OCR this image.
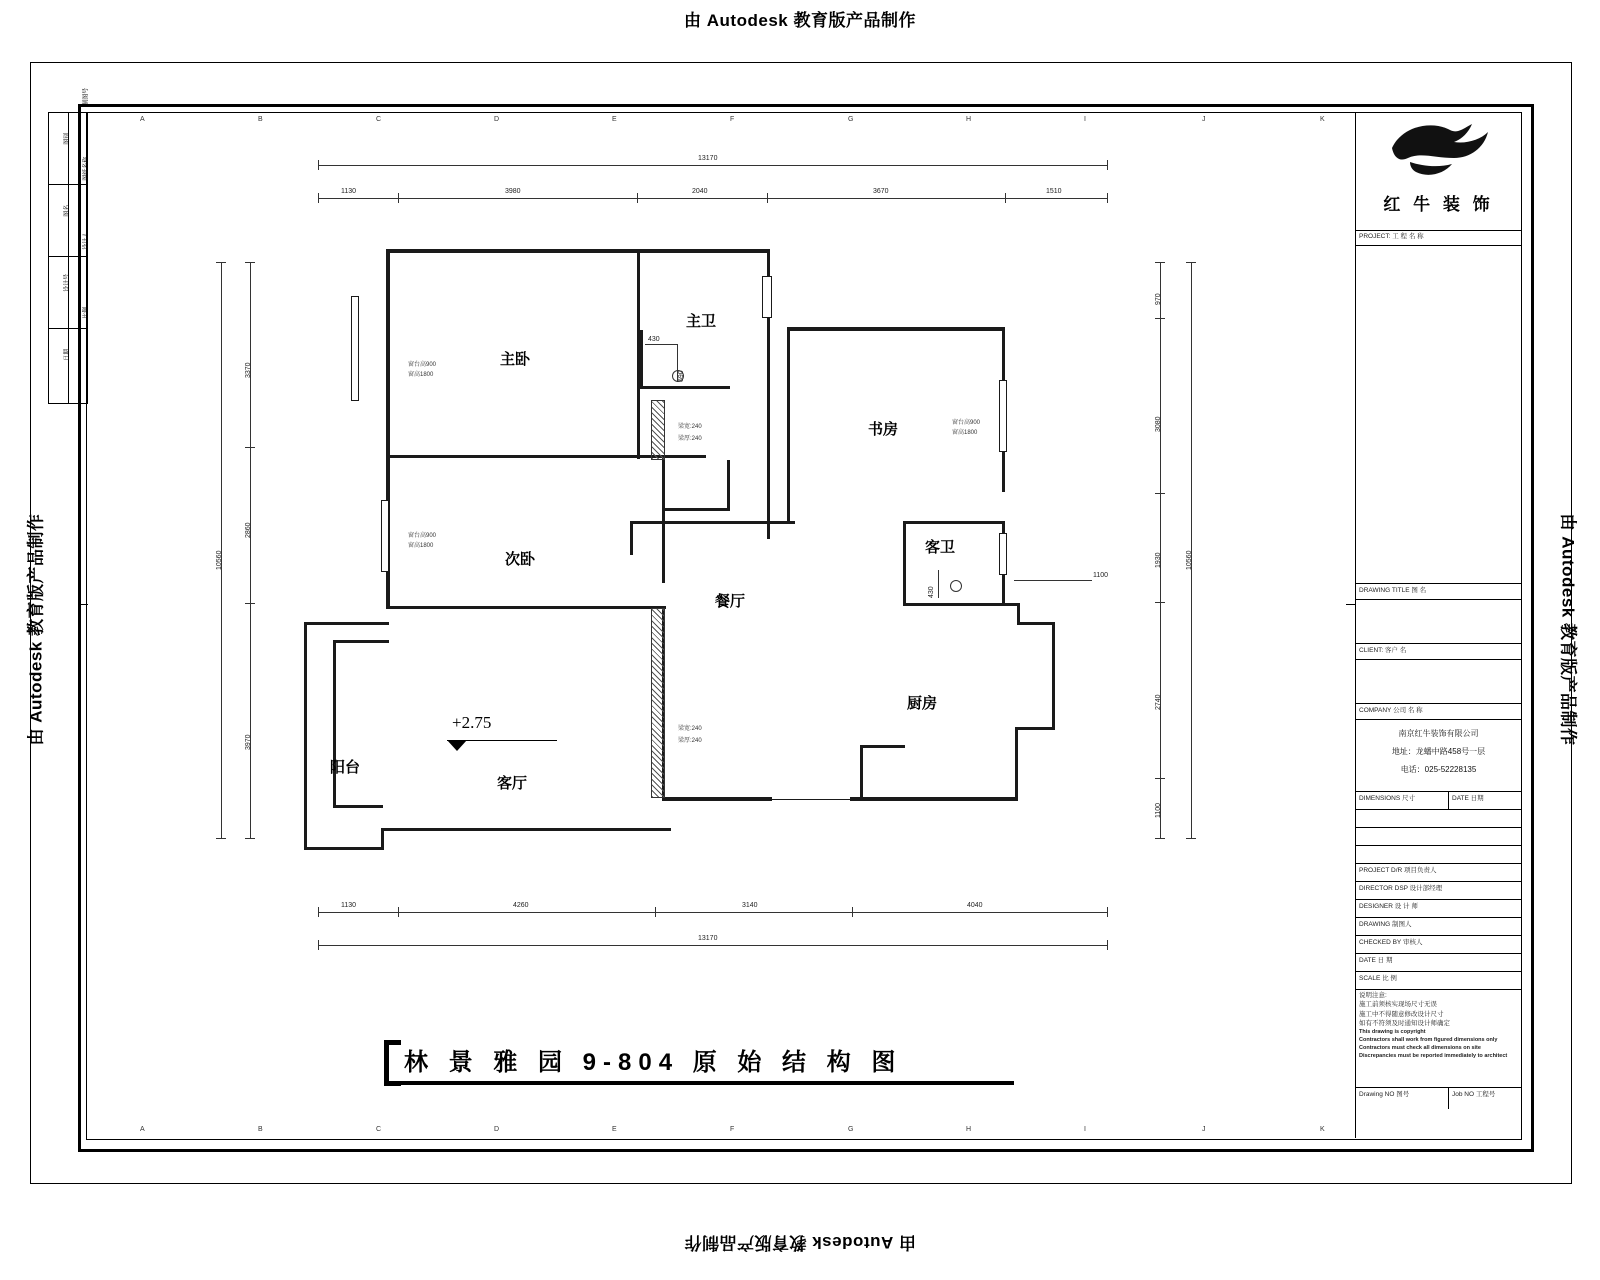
由 Autodesk 教育版产品制作
由 Autodesk 教育版产品制作
由 Autodesk 教育版产品制作	由 Autodesk 教育版产品制作
图别
制图号
图名
图纸名称
设计号
设计人
日期
比例
A	B	C	D	E	F	G	H	I	J	K
A	B	C	D	E	F	G	H	I	J	K
13170
1130	3980	2040	3670	1510
1130	4260	3140	4040
13170
10560
3370
2860
3970
970
3080
1930
2740
1100
10560
梁宽:240
梁厚:240
梁宽:240
梁厚:240
窗台高900
窗高1800
窗台高900
窗高1800
窗台高900
窗高1800
430
690
1100
430
主卧
主卫
次卧
书房
客卫
餐厅
厨房
客厅
阳台
+2.75
林 景 雅 园 9-804 原 始 结 构 图
红 牛 装 饰
PROJECT: 工 程 名 称
DRAWING TITLE 图 名
CLIENT: 客户 名
COMPANY 公司 名 称
南京红牛装饰有限公司
地址：龙蟠中路458号一层
电话：025-52228135
DIMENSIONS 尺寸	DATE 日期
PROJECT D/R 项目负责人
DIRECTOR DSP 设计部经理
DESIGNER 设 计 师
DRAWING 制图人
CHECKED BY 审核人
DATE 日 期
SCALE 比 例
说明注意:
施工前须核实现场尺寸无误
施工中不得随意修改设计尺寸
如有不符须及时通知设计师确定
This drawing is copyright
Contractors shall work from figured dimensions only
Contractors must check all dimensions on site
Discrepancies must be reported immediately to architect
Drawing NO 图号	Job NO 工程号
